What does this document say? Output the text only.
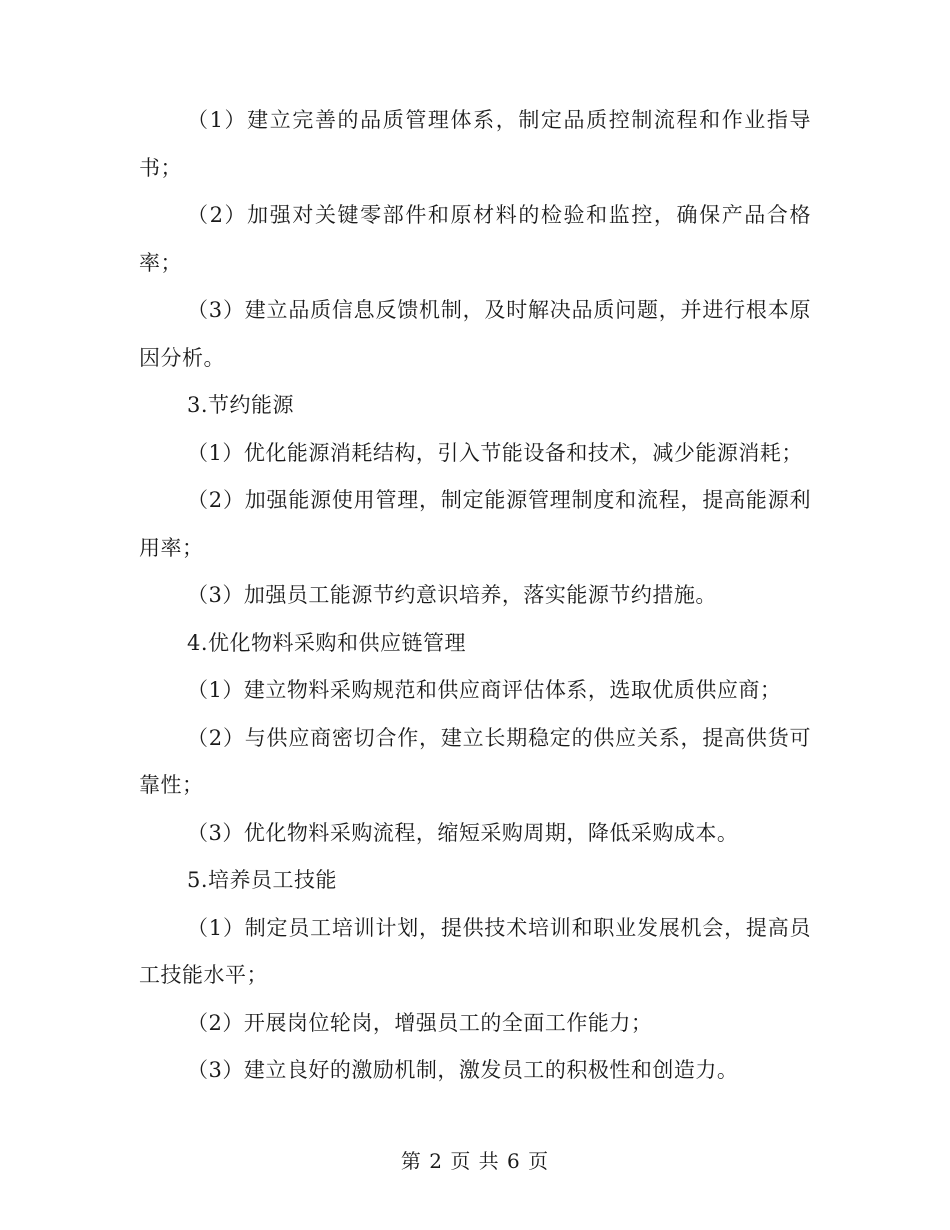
（1）建立完善的品质管理体系，制定品质控制流程和作业指导书；

（2）加强对关键零部件和原材料的检验和监控，确保产品合格率；

（3）建立品质信息反馈机制，及时解决品质问题，并进行根本原因分析。

3.节约能源

（1）优化能源消耗结构，引入节能设备和技术，减少能源消耗；

（2）加强能源使用管理，制定能源管理制度和流程，提高能源利用率；

（3）加强员工能源节约意识培养，落实能源节约措施。

4.优化物料采购和供应链管理

（1）建立物料采购规范和供应商评估体系，选取优质供应商；

（2）与供应商密切合作，建立长期稳定的供应关系，提高供货可靠性；

（3）优化物料采购流程，缩短采购周期，降低采购成本。

5.培养员工技能

（1）制定员工培训计划，提供技术培训和职业发展机会，提高员工技能水平；

（2）开展岗位轮岗，增强员工的全面工作能力；

（3）建立良好的激励机制，激发员工的积极性和创造力。

第 2 页 共 6 页
